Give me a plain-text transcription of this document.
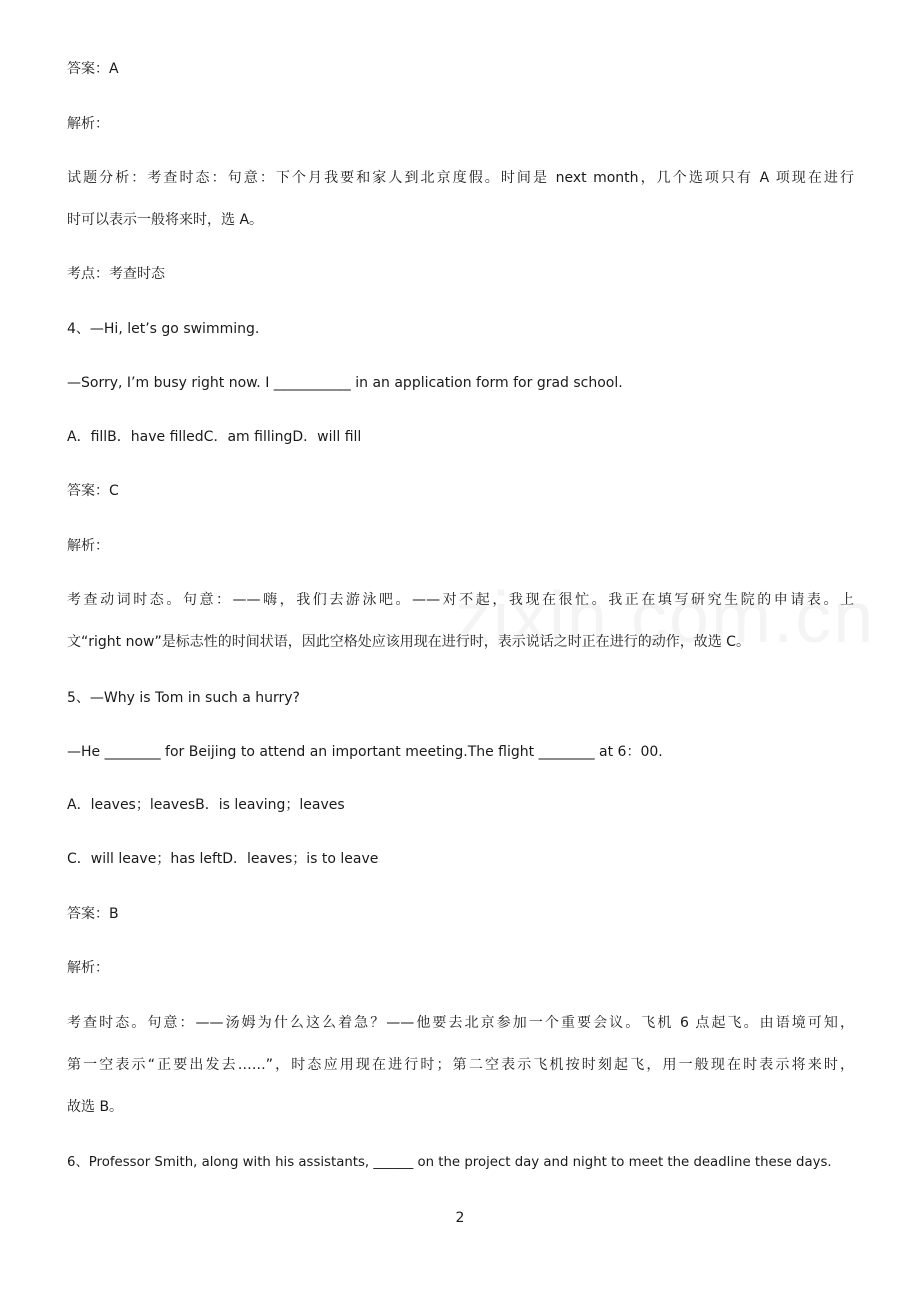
答案：A
解析：
试题分析：考查时态：句意：下个月我要和家人到北京度假。时间是 next month，几个选项只有 A 项现在进行
时可以表示一般将来时，选 A。
考点：考查时态
4、—Hi, let’s go swimming.
—Sorry, I’m busy right now. I ___________ in an application form for grad school.
A．fillB．have filledC．am fillingD．will fill
答案：C
解析：
考查动词时态。句意：——嗨，我们去游泳吧。——对不起，我现在很忙。我正在填写研究生院的申请表。上
文“right now”是标志性的时间状语，因此空格处应该用现在进行时，表示说话之时正在进行的动作，故选 C。
5、—Why is Tom in such a hurry?
—He ________ for Beijing to attend an important meeting.The flight ________ at 6：00.
A．leaves；leavesB．is leaving；leaves
C．will leave；has leftD．leaves；is to leave
答案：B
解析：
考查时态。句意：——汤姆为什么这么着急？——他要去北京参加一个重要会议。飞机 6 点起飞。由语境可知，
第一空表示“正要出发去……”，时态应用现在进行时；第二空表示飞机按时刻起飞，用一般现在时表示将来时，
故选 B。
6、Professor Smith, along with his assistants, ______ on the project day and night to meet the deadline these days.
2
